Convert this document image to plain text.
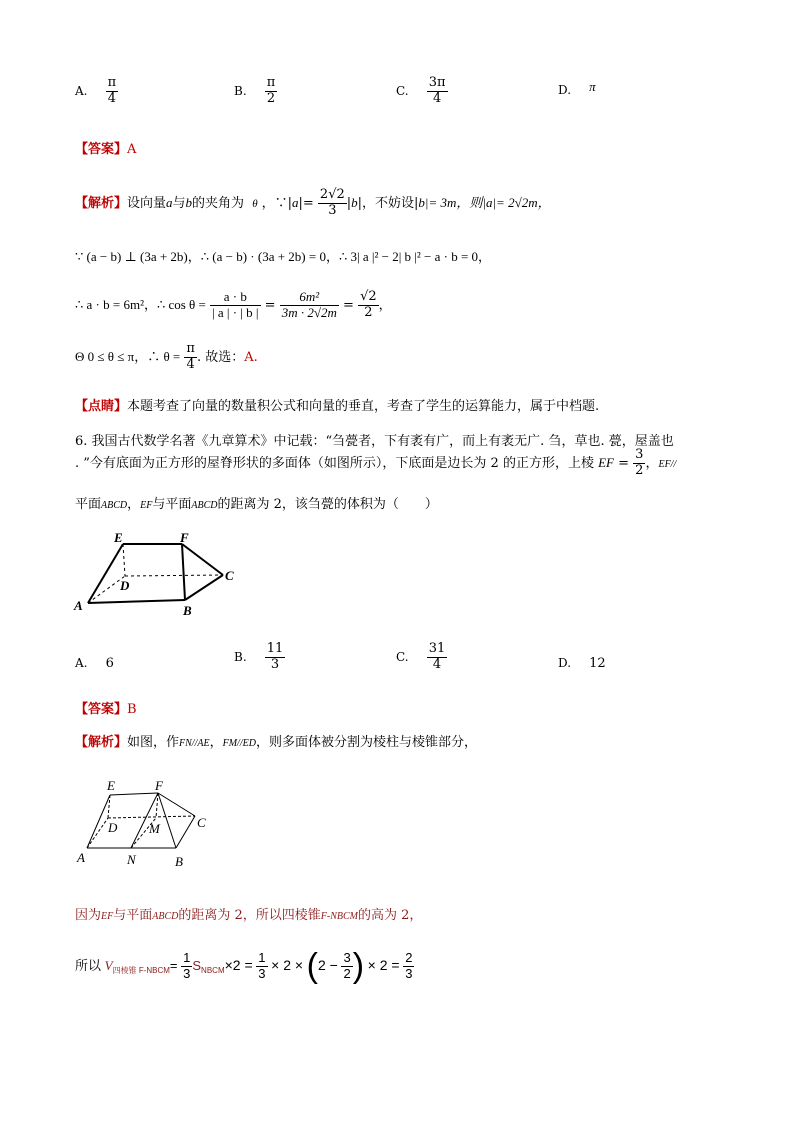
A. $\frac{\pi}{4}$	B. $\frac{\pi}{2}$	C. $\frac{3\pi}{4}$	D. π
【答案】A
【解析】设向量a与b的夹角为 θ ，∵|a|= $\frac{2√2}{3} |b|$，不妨设|b|= 3m，则|a|= 2√2m，
∵ (a − b) ⊥ (3a + 2b)，∴ (a − b) · (3a + 2b) = 0，∴ 3| a |² − 2| b |² − a · b = 0，
∴ a · b = 6m²，∴ $\cos \theta = \frac{a \cdot b}{| a | \cdot | b |} = \frac{\text{6m²}}{3m \cdot 2√2m} = \frac{√2}{2}$ ，
Θ 0 ≤ θ ≤ π，∴ $\theta = \frac{\pi}{4}$ . 故选：A.
【点睛】本题考查了向量的数量积公式和向量的垂直，考查了学生的运算能力，属于中档题.
6. 我国古代数学名著《九章算术》中记载：“刍甍者，下有袤有广，而上有袤无广. 刍，草也. 甍，屋盖也
. ”今有底面为正方形的屋脊形状的多面体（如图所示），下底面是边长为 2 的正方形，上棱 EF = $\frac{3}{2}$ ，EF//
平面ABCD，EF与平面ABCD的距离为 2，该刍甍的体积为（　　）
E	F
D
C
A	B
A. 6	B. $\frac{11}{3}$	C. $\frac{31}{4}$	D. 12
【答案】B
【解析】如图，作FN//AE，FM//ED，则多面体被分割为棱柱与棱锥部分，
E	F
D M	C
A	N	B
因为EF与平面ABCD的距离为 2，所以四棱锥F-NBCM的高为 2，
所以 $V_{四棱锥 F-NBCM}= \frac{1}{3} S_{NBCM}\times 2 = \frac{1}{3} \times 2 \times (2 - \frac{3}{2}$ ) × $2 = \frac{2}{3}$
